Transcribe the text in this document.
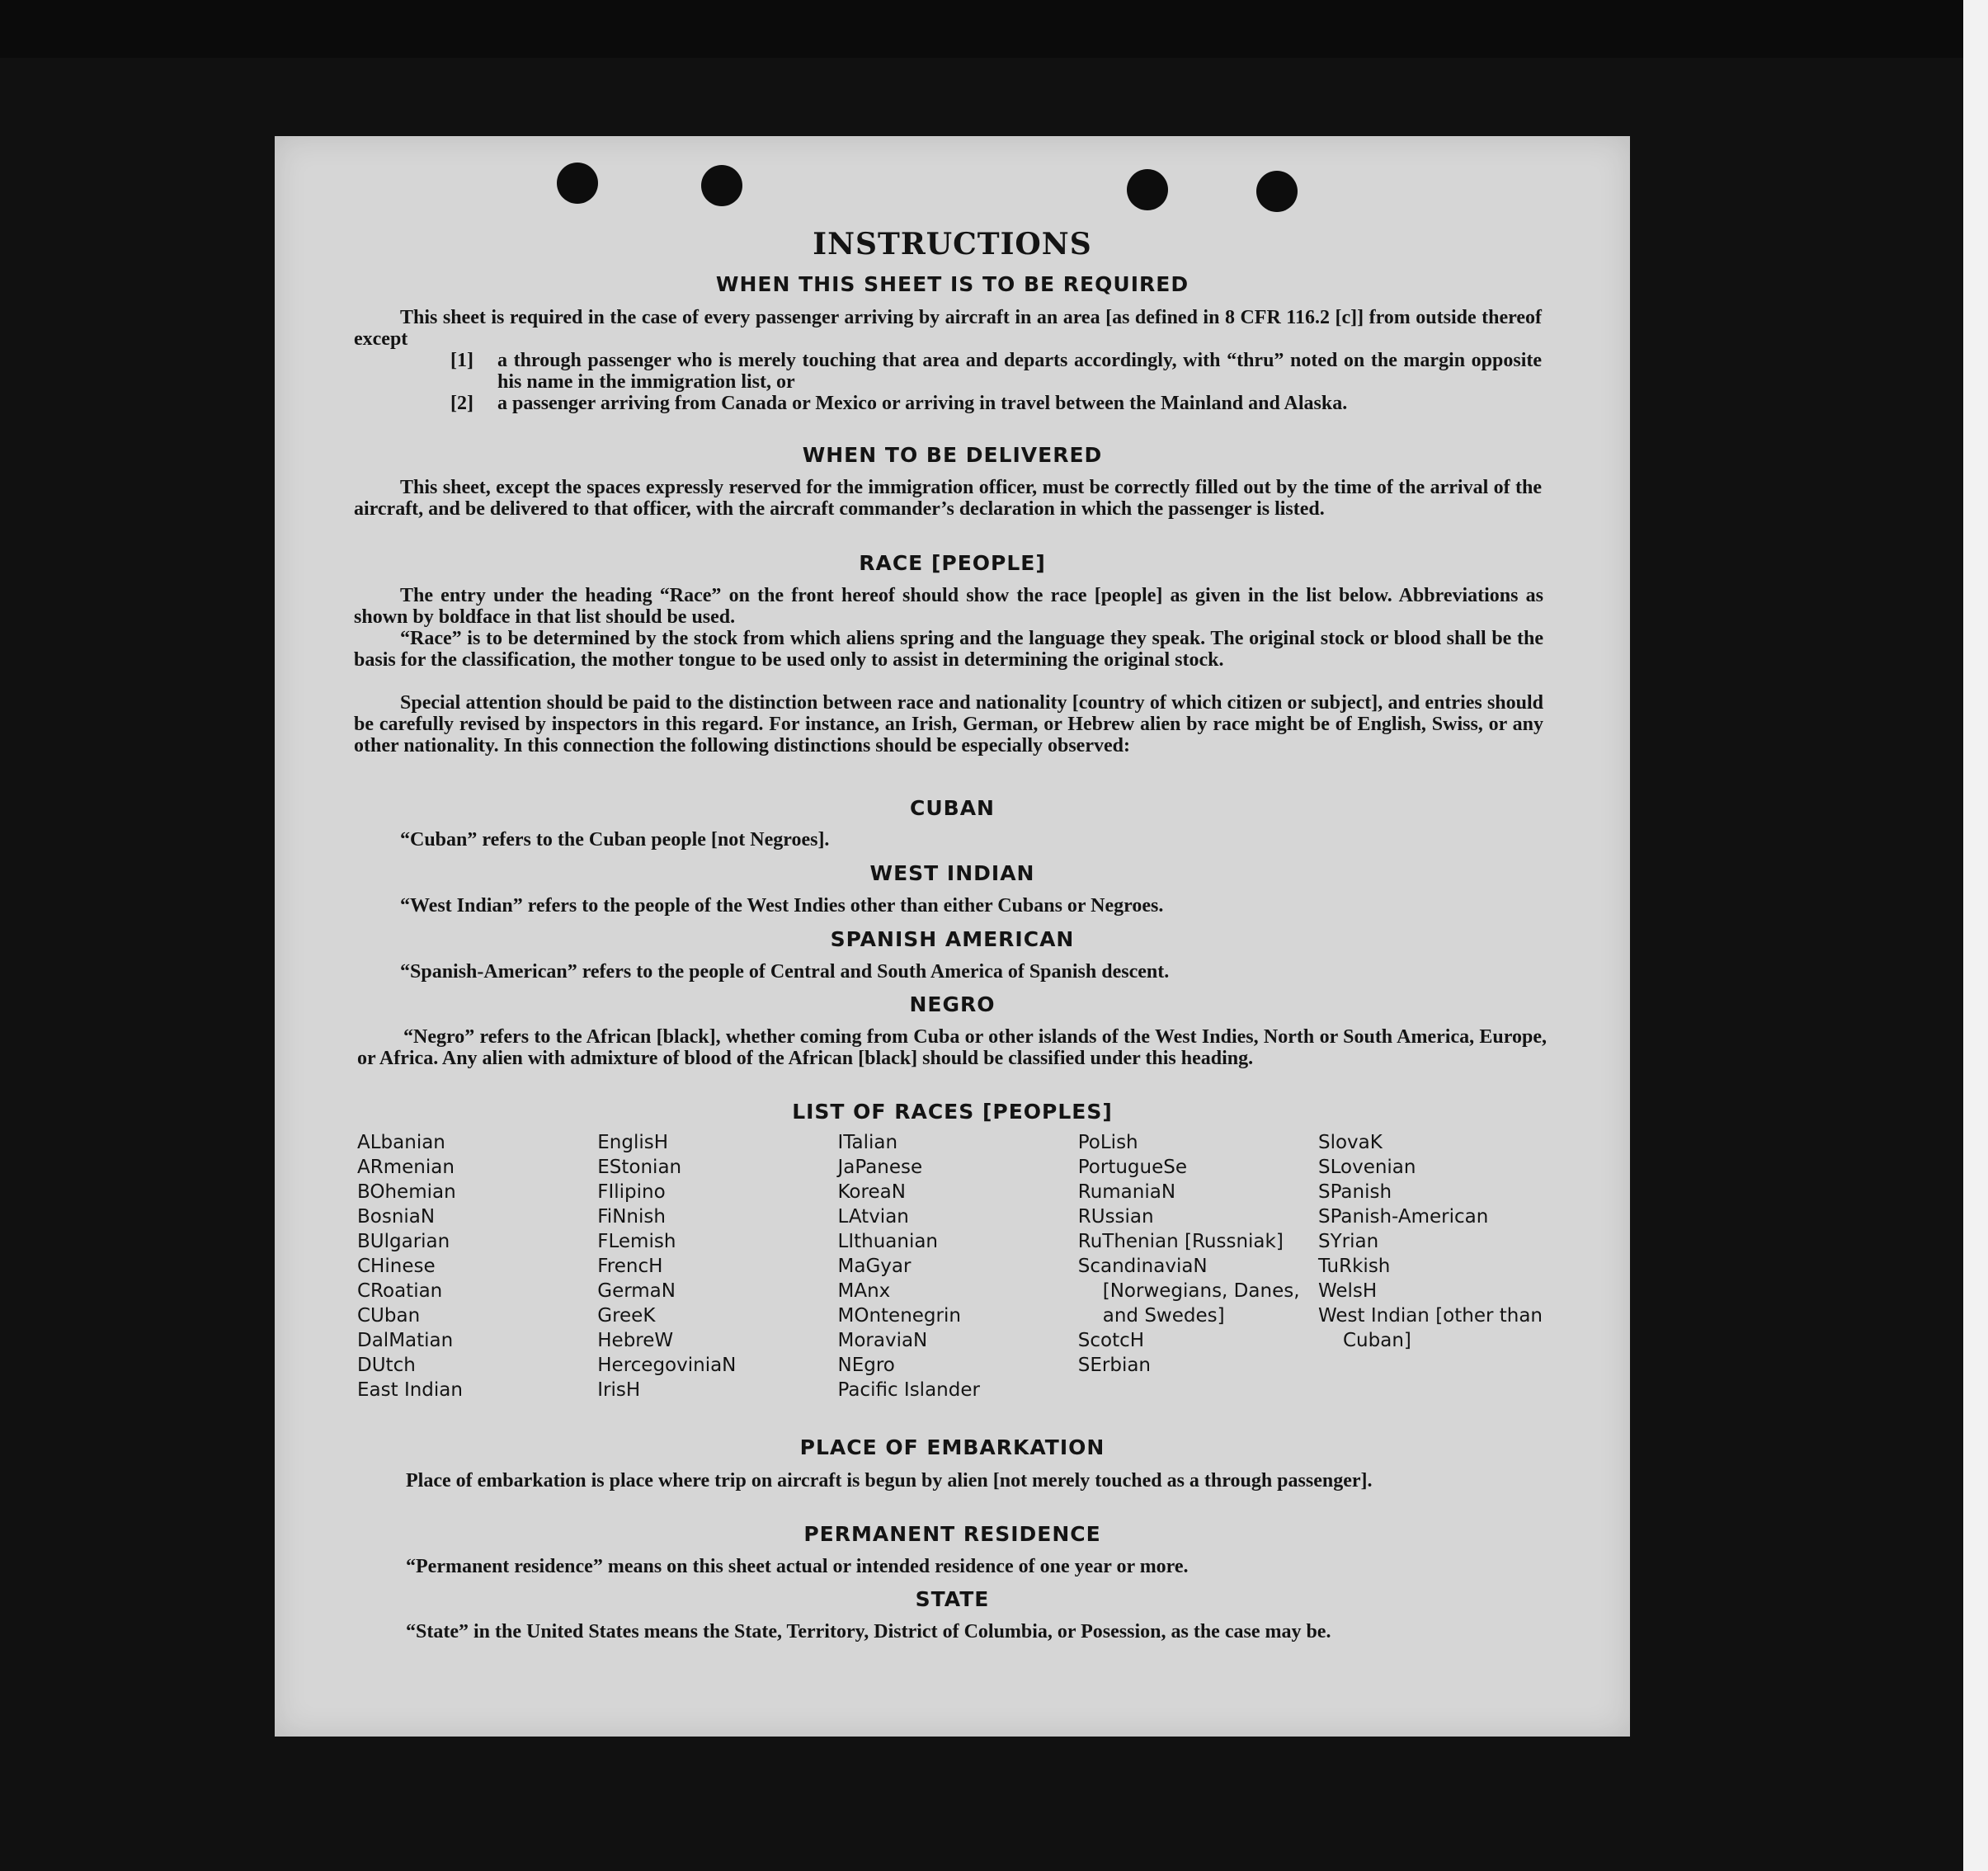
INSTRUCTIONS
WHEN THIS SHEET IS TO BE REQUIRED

This sheet is required in the case of every passenger arriving by aircraft in an area [as defined in 8 CFR 116.2 [c]] from outside thereof except

[1] a through passenger who is merely touching that area and departs accordingly, with “thru” noted on the margin opposite his name in the immigration list, or
[2] a passenger arriving from Canada or Mexico or arriving in travel between the Mainland and Alaska.
WHEN TO BE DELIVERED

This sheet, except the spaces expressly reserved for the immigration officer, must be correctly filled out by the time of the arrival of the aircraft, and be delivered to that officer, with the aircraft commander’s declaration in which the passenger is listed.

RACE [PEOPLE]

The entry under the heading “Race” on the front hereof should show the race [people] as given in the list below. Abbreviations as shown by boldface in that list should be used.

“Race” is to be determined by the stock from which aliens spring and the language they speak. The original stock or blood shall be the basis for the classification, the mother tongue to be used only to assist in determining the original stock.

Special attention should be paid to the distinction between race and nationality [country of which citizen or subject], and entries should be carefully revised by inspectors in this regard. For instance, an Irish, German, or Hebrew alien by race might be of English, Swiss, or any other nationality. In this connection the following distinctions should be especially observed:

CUBAN

“Cuban” refers to the Cuban people [not Negroes].

WEST INDIAN

“West Indian” refers to the people of the West Indies other than either Cubans or Negroes.

SPANISH AMERICAN

“Spanish-American” refers to the people of Central and South America of Spanish descent.

NEGRO

“Negro” refers to the African [black], whether coming from Cuba or other islands of the West Indies, North or South America, Europe, or Africa. Any alien with admixture of blood of the African [black] should be classified under this heading.

LIST OF RACES [PEOPLES]
ALbanian
ARmenian
BOhemian
BosniaN
BUlgarian
CHinese
CRoatian
CUban
DalMatian
DUtch
East Indian
EnglisH
EStonian
FIlipino
FiNnish
FLemish
FrencH
GermaN
GreeK
HebreW
HercegoviniaN
IrisH
ITalian
JaPanese
KoreaN
LAtvian
LIthuanian
MaGyar
MAnx
MOntenegrin
MoraviaN
NEgro
Pacific Islander
PoLish
PortugueSe
RumaniaN
RUssian
RuThenian [Russniak]
ScandinaviaN [Norwegians, Danes, and Swedes]
ScotcH
SErbian
SlovaK
SLovenian
SPanish
SPanish-American
SYrian
TuRkish
WelsH
West Indian [other than Cuban]
PLACE OF EMBARKATION

Place of embarkation is place where trip on aircraft is begun by alien [not merely touched as a through passenger].

PERMANENT RESIDENCE

“Permanent residence” means on this sheet actual or intended residence of one year or more.

STATE

“State” in the United States means the State, Territory, District of Columbia, or Posession, as the case may be.
